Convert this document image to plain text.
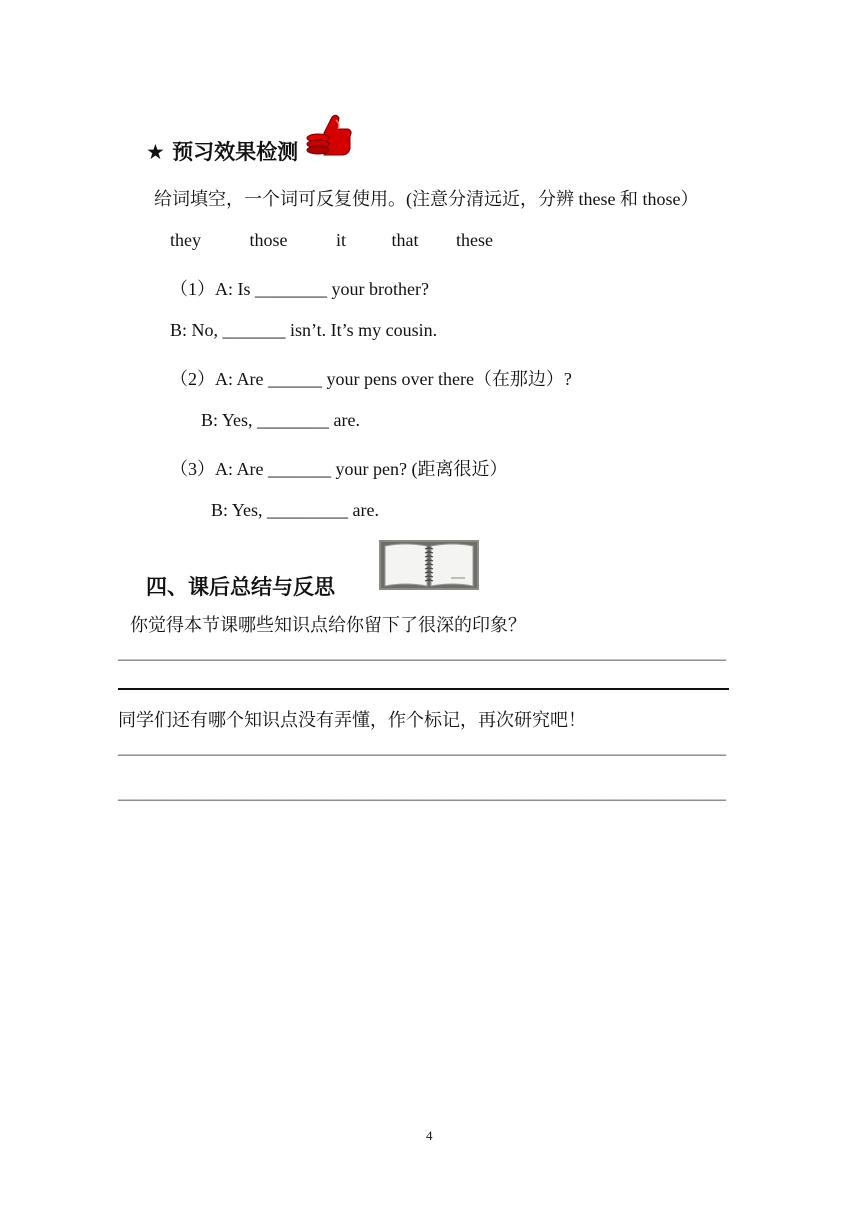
★ 预习效果检测
给词填空，一个词可反复使用。(注意分清远近，分辨 these 和 those）
they	those	it	that these
（1）A: Is ________ your brother?
B: No, _______ isn’t. It’s my cousin.
（2）A: Are ______ your pens over there（在那边）?
B: Yes, ________ are.
（3）A: Are _______ your pen? (距离很近）
B: Yes, _________ are.
四、课后总结与反思
你觉得本节课哪些知识点给你留下了很深的印象？
——————————————————————————————————————
同学们还有哪个知识点没有弄懂，作个标记，再次研究吧！
——————————————————————————————————————
——————————————————————————————————————
4
